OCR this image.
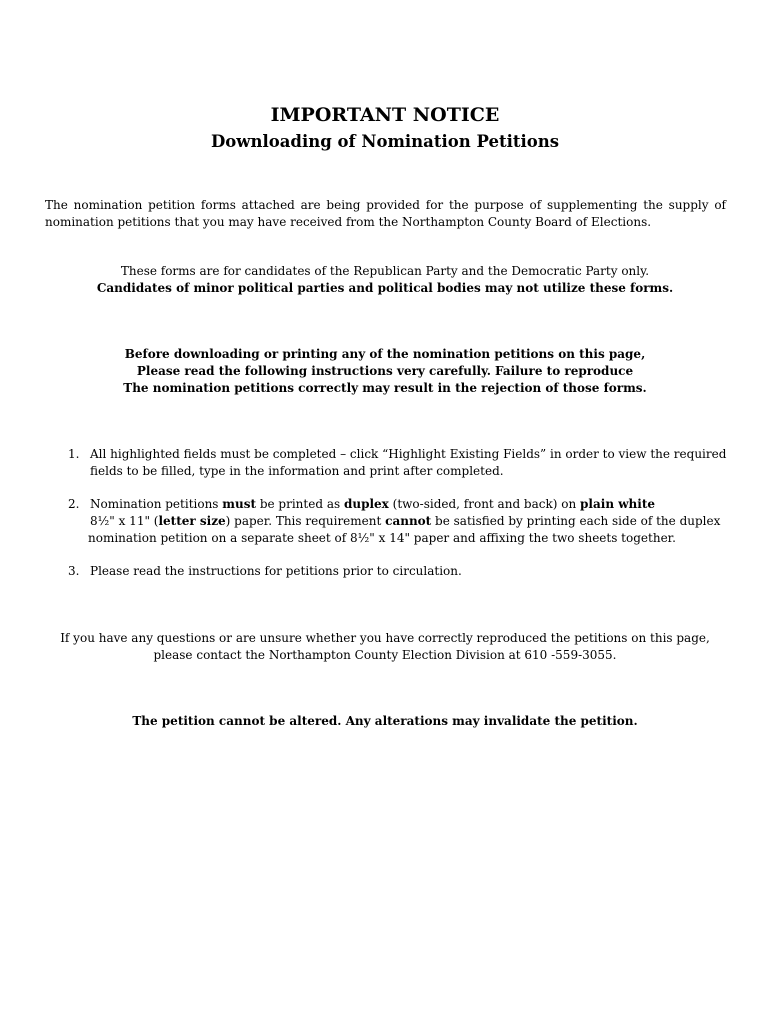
IMPORTANT NOTICE
Downloading of Nomination Petitions
The nomination petition forms attached are being provided for the purpose of supplementing the supply of
nomination petitions that you may have received from the Northampton County Board of Elections.
These forms are for candidates of the Republican Party and the Democratic Party only.
Candidates of minor political parties and political bodies may not utilize these forms.
Before downloading or printing any of the nomination petitions on this page,
Please read the following instructions very carefully. Failure to reproduce
The nomination petitions correctly may result in the rejection of those forms.
1. All highlighted fields must be completed – click “Highlight Existing Fields” in order to view the required
fields to be filled, type in the information and print after completed.
2. Nomination petitions must be printed as duplex (two-sided, front and back) on plain white
8½" x 11" (letter size) paper. This requirement cannot be satisfied by printing each side of the duplex
nomination petition on a separate sheet of 8½" x 14" paper and affixing the two sheets together.
3. Please read the instructions for petitions prior to circulation.
If you have any questions or are unsure whether you have correctly reproduced the petitions on this page,
please contact the Northampton County Election Division at 610 -559-3055.
The petition cannot be altered. Any alterations may invalidate the petition.
